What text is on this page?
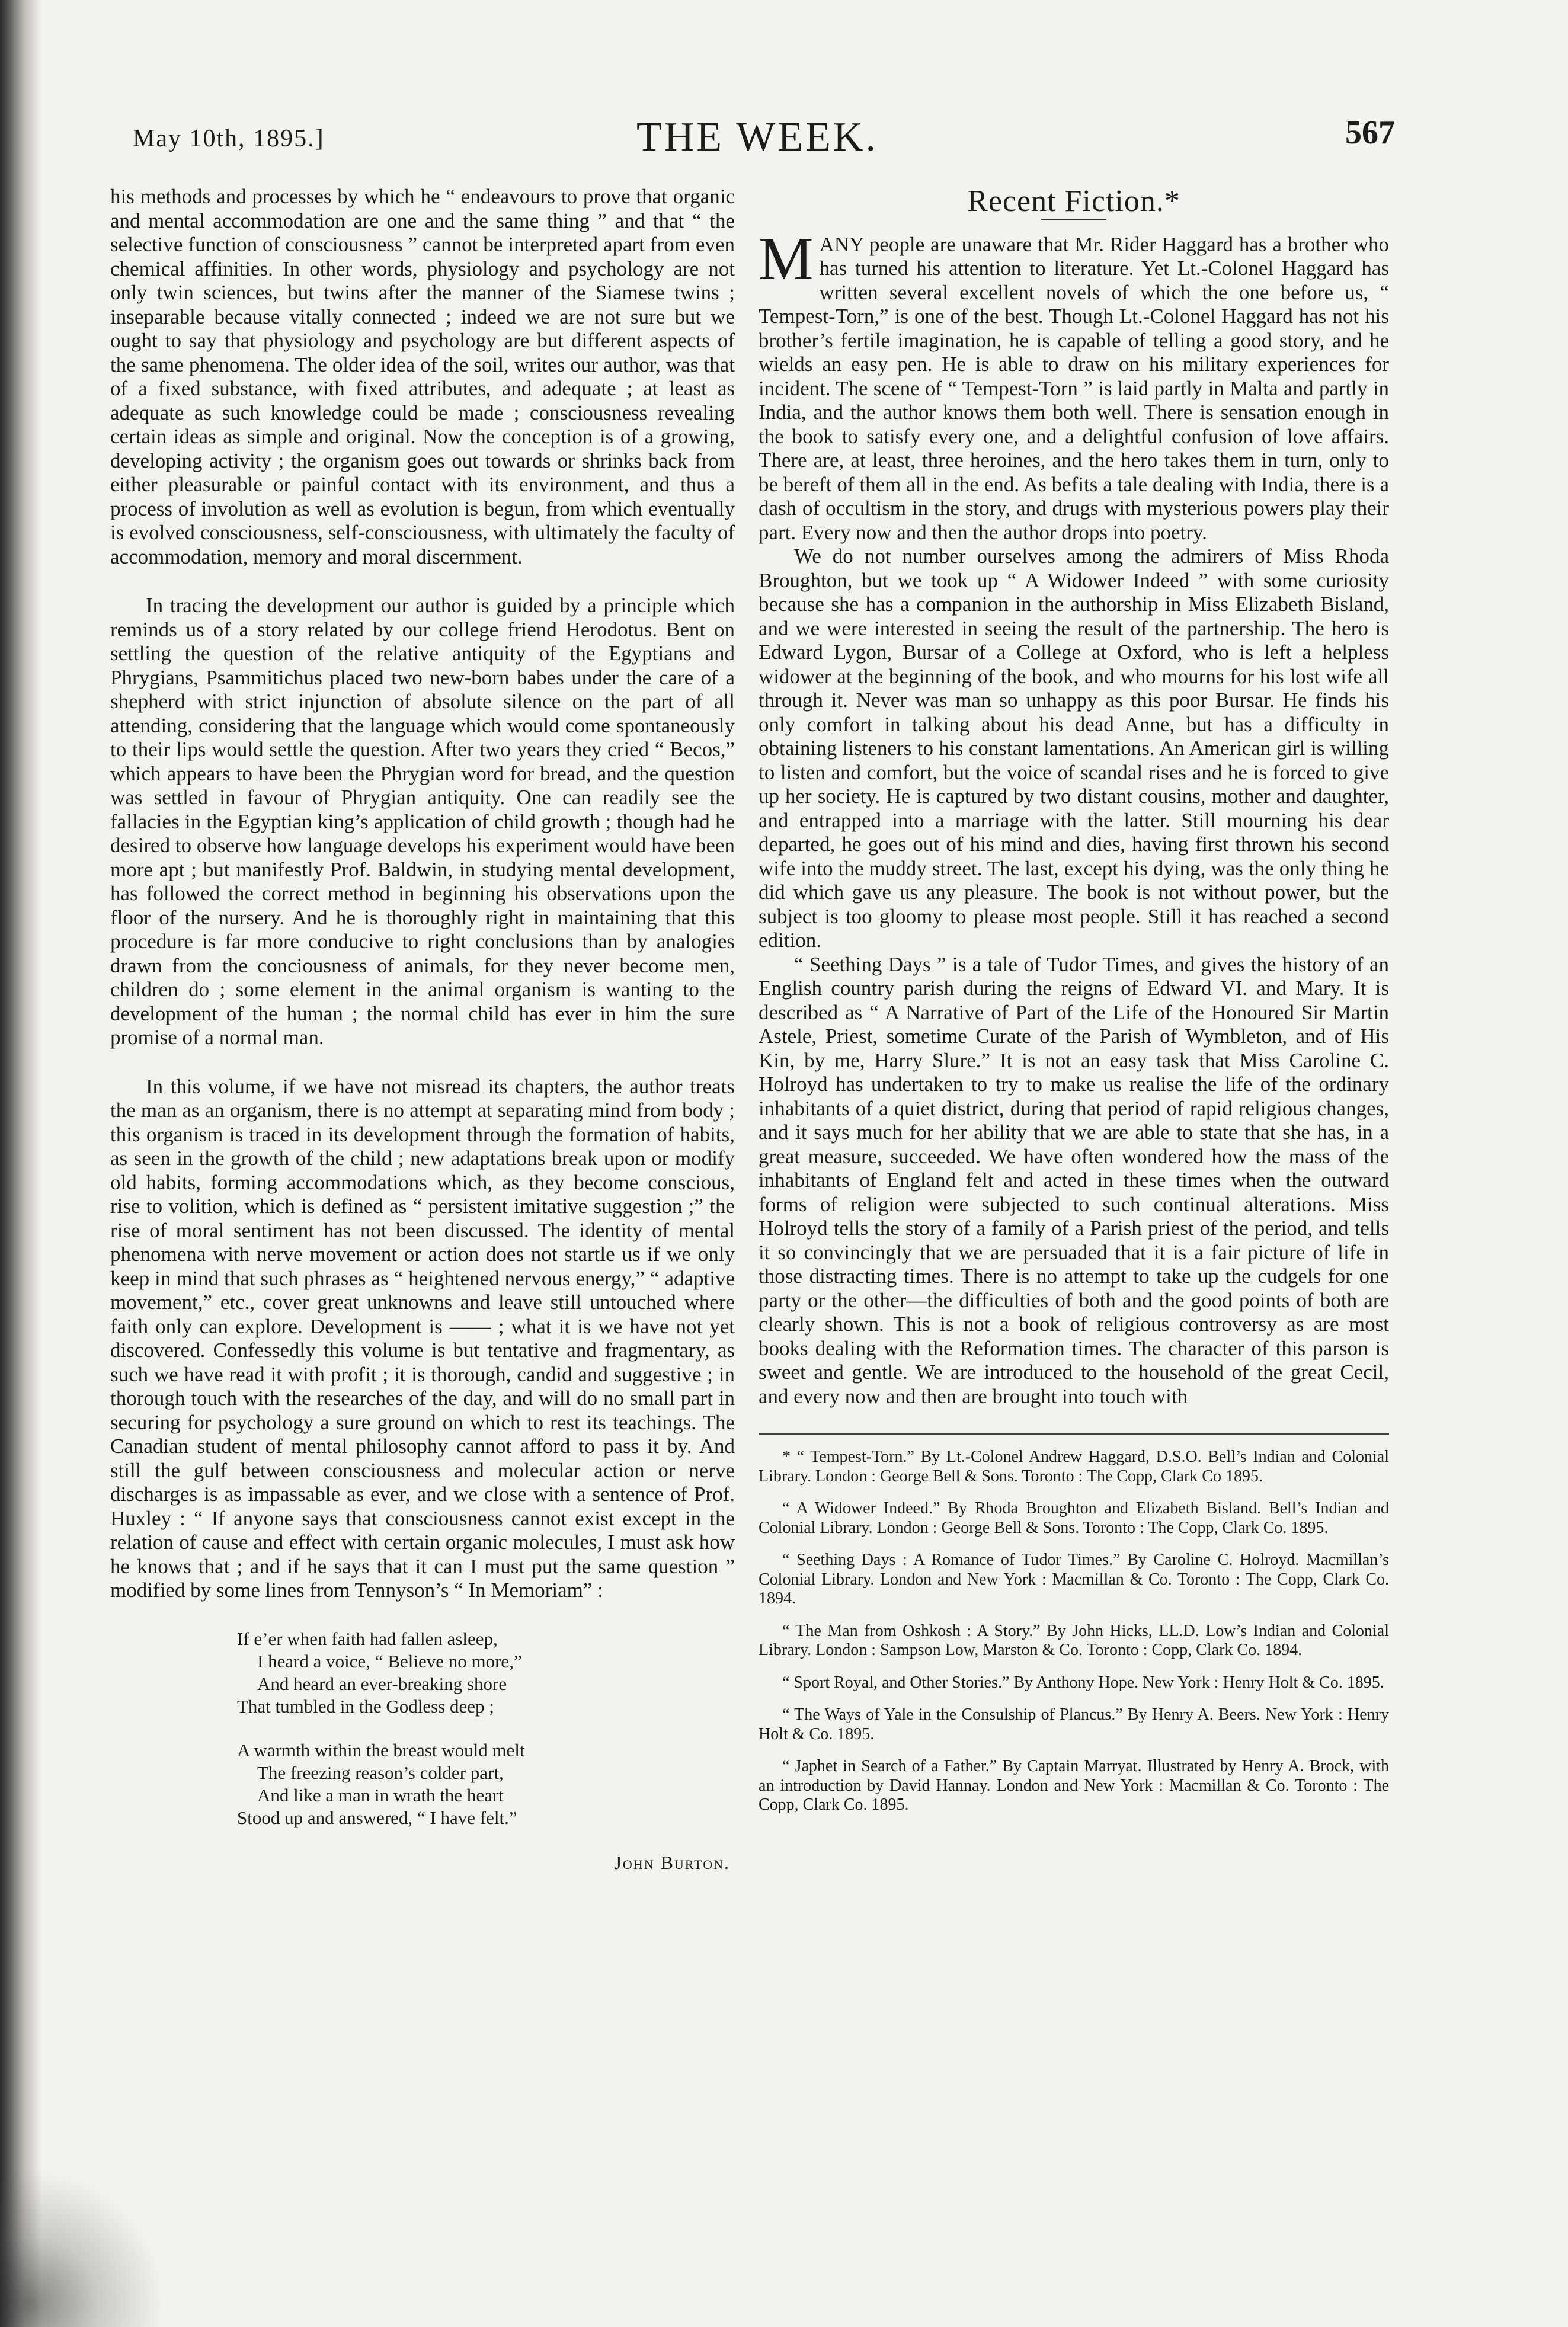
May 10th, 1895.]	THE WEEK.	567

his methods and processes by which he “ endeavours to prove that organic and mental accommodation are one and the same thing ” and that “ the selective function of consciousness ” cannot be interpreted apart from even chemical affinities. In other words, physiology and psychology are not only twin sciences, but twins after the manner of the Siamese twins ; inseparable because vitally connected ; indeed we are not sure but we ought to say that physiology and psychology are but different aspects of the same phenomena. The older idea of the soil, writes our author, was that of a fixed substance, with fixed attributes, and adequate ; at least as adequate as such knowledge could be made ; consciousness revealing certain ideas as simple and original. Now the conception is of a growing, developing activity ; the organism goes out towards or shrinks back from either pleasurable or painful contact with its environment, and thus a process of involution as well as evolution is begun, from which eventually is evolved consciousness, self-consciousness, with ultimately the faculty of accommodation, memory and moral discernment.

In tracing the development our author is guided by a principle which reminds us of a story related by our college friend Herodotus. Bent on settling the question of the relative antiquity of the Egyptians and Phrygians, Psammitichus placed two new-born babes under the care of a shepherd with strict injunction of absolute silence on the part of all attending, considering that the language which would come spontaneously to their lips would settle the question. After two years they cried “ Becos,” which appears to have been the Phrygian word for bread, and the question was settled in favour of Phrygian antiquity. One can readily see the fallacies in the Egyptian king’s application of child growth ; though had he desired to observe how language develops his experiment would have been more apt ; but manifestly Prof. Baldwin, in studying mental development, has followed the correct method in beginning his observations upon the floor of the nursery. And he is thoroughly right in maintaining that this procedure is far more conducive to right conclusions than by analogies drawn from the conciousness of animals, for they never become men, children do ; some element in the animal organism is wanting to the development of the human ; the normal child has ever in him the sure promise of a normal man.

In this volume, if we have not misread its chapters, the author treats the man as an organism, there is no attempt at separating mind from body ; this organism is traced in its development through the formation of habits, as seen in the growth of the child ; new adaptations break upon or modify old habits, forming accommodations which, as they become conscious, rise to volition, which is defined as “ persistent imitative suggestion ;” the rise of moral sentiment has not been discussed. The identity of mental phenomena with nerve movement or action does not startle us if we only keep in mind that such phrases as “ heightened nervous energy,” “ adaptive movement,” etc., cover great unknowns and leave still untouched where faith only can explore. Development is —— ; what it is we have not yet discovered. Confessedly this volume is but tentative and fragmentary, as such we have read it with profit ; it is thorough, candid and suggestive ; in thorough touch with the researches of the day, and will do no small part in securing for psychology a sure ground on which to rest its teachings. The Canadian student of mental philosophy cannot afford to pass it by. And still the gulf between consciousness and molecular action or nerve discharges is as impassable as ever, and we close with a sentence of Prof. Huxley : “ If anyone says that consciousness cannot exist except in the relation of cause and effect with certain organic molecules, I must ask how he knows that ; and if he says that it can I must put the same question ” modified by some lines from Tennyson’s “ In Memoriam” :

If e’er when faith had fallen asleep,
I heard a voice, “ Believe no more,”
And heard an ever-breaking shore
That tumbled in the Godless deep ;
A warmth within the breast would melt
The freezing reason’s colder part,
And like a man in wrath the heart
Stood up and answered, “ I have felt.”
John Burton.
Recent Fiction.*

MANY people are unaware that Mr. Rider Haggard has a brother who has turned his attention to literature. Yet Lt.-Colonel Haggard has written several excellent novels of which the one before us, “ Tempest-Torn,” is one of the best. Though Lt.-Colonel Haggard has not his brother’s fertile imagination, he is capable of telling a good story, and he wields an easy pen. He is able to draw on his military experiences for incident. The scene of “ Tempest-Torn ” is laid partly in Malta and partly in India, and the author knows them both well. There is sensation enough in the book to satisfy every one, and a delightful confusion of love affairs. There are, at least, three heroines, and the hero takes them in turn, only to be bereft of them all in the end. As befits a tale dealing with India, there is a dash of occultism in the story, and drugs with mysterious powers play their part. Every now and then the author drops into poetry.

We do not number ourselves among the admirers of Miss Rhoda Broughton, but we took up “ A Widower Indeed ” with some curiosity because she has a companion in the authorship in Miss Elizabeth Bisland, and we were interested in seeing the result of the partnership. The hero is Edward Lygon, Bursar of a College at Oxford, who is left a helpless widower at the beginning of the book, and who mourns for his lost wife all through it. Never was man so unhappy as this poor Bursar. He finds his only comfort in talking about his dead Anne, but has a difficulty in obtaining listeners to his constant lamentations. An American girl is willing to listen and comfort, but the voice of scandal rises and he is forced to give up her society. He is captured by two distant cousins, mother and daughter, and entrapped into a marriage with the latter. Still mourning his dear departed, he goes out of his mind and dies, having first thrown his second wife into the muddy street. The last, except his dying, was the only thing he did which gave us any pleasure. The book is not without power, but the subject is too gloomy to please most people. Still it has reached a second edition.

“ Seething Days ” is a tale of Tudor Times, and gives the history of an English country parish during the reigns of Edward VI. and Mary. It is described as “ A Narrative of Part of the Life of the Honoured Sir Martin Astele, Priest, sometime Curate of the Parish of Wymbleton, and of His Kin, by me, Harry Slure.” It is not an easy task that Miss Caroline C. Holroyd has undertaken to try to make us realise the life of the ordinary inhabitants of a quiet district, during that period of rapid religious changes, and it says much for her ability that we are able to state that she has, in a great measure, succeeded. We have often wondered how the mass of the inhabitants of England felt and acted in these times when the outward forms of religion were subjected to such continual alterations. Miss Holroyd tells the story of a family of a Parish priest of the period, and tells it so convincingly that we are persuaded that it is a fair picture of life in those distracting times. There is no attempt to take up the cudgels for one party or the other—the difficulties of both and the good points of both are clearly shown. This is not a book of religious controversy as are most books dealing with the Reformation times. The character of this parson is sweet and gentle. We are introduced to the household of the great Cecil, and every now and then are brought into touch with

* “ Tempest-Torn.” By Lt.-Colonel Andrew Haggard, D.S.O. Bell’s Indian and Colonial Library. London : George Bell & Sons. Toronto : The Copp, Clark Co 1895.

“ A Widower Indeed.” By Rhoda Broughton and Elizabeth Bisland. Bell’s Indian and Colonial Library. London : George Bell & Sons. Toronto : The Copp, Clark Co. 1895.

“ Seething Days : A Romance of Tudor Times.” By Caroline C. Holroyd. Macmillan’s Colonial Library. London and New York : Macmillan & Co. Toronto : The Copp, Clark Co. 1894.

“ The Man from Oshkosh : A Story.” By John Hicks, LL.D. Low’s Indian and Colonial Library. London : Sampson Low, Marston & Co. Toronto : Copp, Clark Co. 1894.

“ Sport Royal, and Other Stories.” By Anthony Hope. New York : Henry Holt & Co. 1895.

“ The Ways of Yale in the Consulship of Plancus.” By Henry A. Beers. New York : Henry Holt & Co. 1895.

“ Japhet in Search of a Father.” By Captain Marryat. Illustrated by Henry A. Brock, with an introduction by David Hannay. London and New York : Macmillan & Co. Toronto : The Copp, Clark Co. 1895.
